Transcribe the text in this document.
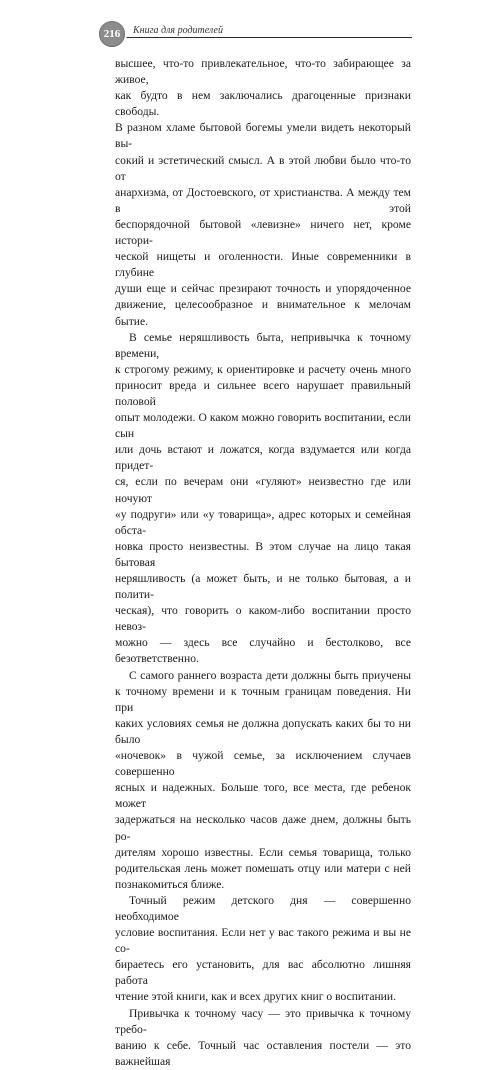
216	Книга для родителей

высшее, что-то привлекательное, что-то забирающее за живое,

как будто в нем заключались драгоценные признаки свободы.

В разном хламе бытовой богемы умели видеть некоторый вы-

сокий и эстетический смысл. А в этой любви было что-то от

анархизма, от Достоевского, от христианства. А между тем в этой

беспорядочной бытовой «левизне» ничего нет, кроме истори-

ческой нищеты и оголенности. Иные современники в глубине

души еще и сейчас презирают точность и упорядоченное

движение, целесообразное и внимательное к мелочам бытие.

В семье неряшливость быта, непривычка к точному времени,

к строгому режиму, к ориентировке и расчету очень много

приносит вреда и сильнее всего нарушает правильный половой

опыт молодежи. О каком можно говорить воспитании, если сын

или дочь встают и ложатся, когда вздумается или когда придет-

ся, если по вечерам они «гуляют» неизвестно где или ночуют

«у подруги» или «у товарища», адрес которых и семейная обста-

новка просто неизвестны. В этом случае на лицо такая бытовая

неряшливость (а может быть, и не только бытовая, а и полити-

ческая), что говорить о каком-либо воспитании просто невоз-

можно — здесь все случайно и бестолково, все безответственно.

С самого раннего возраста дети должны быть приучены

к точному времени и к точным границам поведения. Ни при

каких условиях семья не должна допускать каких бы то ни было

«ночевок» в чужой семье, за исключением случаев совершенно

ясных и надежных. Больше того, все места, где ребенок может

задержаться на несколько часов даже днем, должны быть ро-

дителям хорошо известны. Если семья товарища, только

родительская лень может помешать отцу или матери с ней

познакомиться ближе.

Точный режим детского дня — совершенно необходимое

условие воспитания. Если нет у вас такого режима и вы не со-

бираетесь его установить, для вас абсолютно лишняя работа

чтение этой книги, как и всех других книг о воспитании.

Привычка к точному часу — это привычка к точному требо-

ванию к себе. Точный час оставления постели — это важнейшая
